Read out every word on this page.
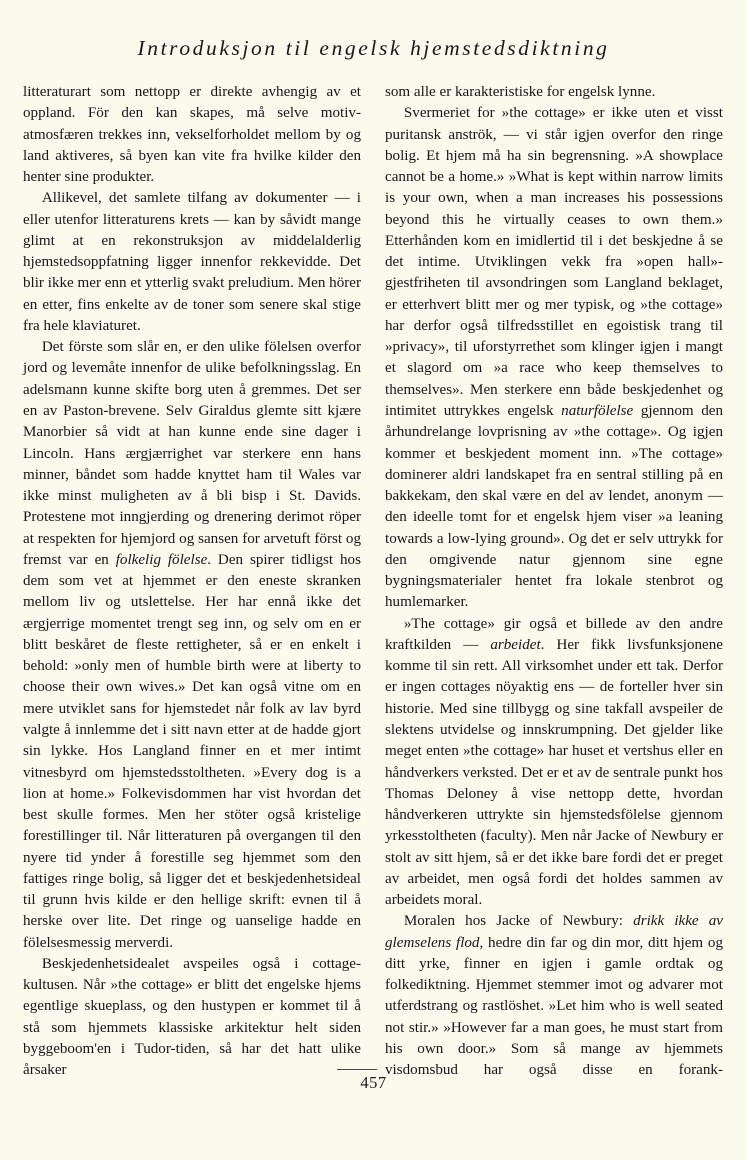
Introduksjon til engelsk hjemstedsdiktning

litteraturart som nettopp er direkte avhengig av et oppland. För den kan skapes, må selve motiv-atmosfæren trekkes inn, vekselforholdet mellom by og land aktiveres, så byen kan vite fra hvilke kilder den henter sine produkter.

Allikevel, det samlete tilfang av dokumenter — i eller utenfor litteraturens krets — kan by såvidt mange glimt at en rekonstruksjon av middelalderlig hjemstedsoppfatning ligger innenfor rekkevidde. Det blir ikke mer enn et ytterlig svakt preludium. Men hörer en etter, fins enkelte av de toner som senere skal stige fra hele klaviaturet.

Det förste som slår en, er den ulike fölelsen overfor jord og levemåte innenfor de ulike befolkningsslag. En adelsmann kunne skifte borg uten å gremmes. Det ser en av Paston-brevene. Selv Giraldus glemte sitt kjære Manorbier så vidt at han kunne ende sine dager i Lincoln. Hans ærgjærrighet var sterkere enn hans minner, båndet som hadde knyttet ham til Wales var ikke minst muligheten av å bli bisp i St. Davids. Protestene mot inngjerding og drenering derimot röper at respekten for hjemjord og sansen for arvetuft först og fremst var en folkelig fölelse. Den spirer tidligst hos dem som vet at hjemmet er den eneste skranken mellom liv og utslettelse. Her har ennå ikke det ærgjerrige momentet trengt seg inn, og selv om en er blitt beskåret de fleste rettigheter, så er en enkelt i behold: »only men of humble birth were at liberty to choose their own wives.» Det kan også vitne om en mere utviklet sans for hjemstedet når folk av lav byrd valgte å innlemme det i sitt navn etter at de hadde gjort sin lykke. Hos Langland finner en et mer intimt vitnesbyrd om hjemstedsstoltheten. »Every dog is a lion at home.» Folkevisdommen har vist hvordan det best skulle formes. Men her stöter også kristelige forestillinger til. Når litteraturen på overgangen til den nyere tid ynder å forestille seg hjemmet som den fattiges ringe bolig, så ligger det et beskjedenhetsideal til grunn hvis kilde er den hellige skrift: evnen til å herske over lite. Det ringe og uanselige hadde en fölelsesmessig merverdi.

Beskjedenhetsidealet avspeiles også i cottage-kultusen. Når »the cottage» er blitt det engelske hjems egentlige skueplass, og den hustypen er kommet til å stå som hjemmets klassiske arkitektur helt siden byggeboom'en i Tudor-tiden, så har det hatt ulike årsaker

som alle er karakteristiske for engelsk lynne.

Svermeriet for »the cottage» er ikke uten et visst puritansk anströk, — vi står igjen overfor den ringe bolig. Et hjem må ha sin begrensning. »A showplace cannot be a home.» »What is kept within narrow limits is your own, when a man increases his possessions beyond this he virtually ceases to own them.» Etterhånden kom en imidlertid til i det beskjedne å se det intime. Utviklingen vekk fra »open hall»-gjestfriheten til avsondringen som Langland beklaget, er etterhvert blitt mer og mer typisk, og »the cottage» har derfor også tilfredsstillet en egoistisk trang til »privacy», til uforstyrrethet som klinger igjen i mangt et slagord om »a race who keep themselves to themselves». Men sterkere enn både beskjedenhet og intimitet uttrykkes engelsk naturfölelse gjennom den århundrelange lovprisning av »the cottage». Og igjen kommer et beskjedent moment inn. »The cottage» dominerer aldri landskapet fra en sentral stilling på en bakkekam, den skal være en del av lendet, anonym — den ideelle tomt for et engelsk hjem viser »a leaning towards a low-lying ground». Og det er selv uttrykk for den omgivende natur gjennom sine egne bygningsmaterialer hentet fra lokale stenbrot og humlemarker.

»The cottage» gir også et billede av den andre kraftkilden — arbeidet. Her fikk livsfunksjonene komme til sin rett. All virksomhet under ett tak. Derfor er ingen cottages nöyaktig ens — de forteller hver sin historie. Med sine tillbygg og sine takfall avspeiler de slektens utvidelse og innskrumpning. Det gjelder like meget enten »the cottage» har huset et vertshus eller en håndverkers verksted. Det er et av de sentrale punkt hos Thomas Deloney å vise nettopp dette, hvordan håndverkeren uttrykte sin hjemstedsfölelse gjennom yrkesstoltheten (faculty). Men når Jacke of Newbury er stolt av sitt hjem, så er det ikke bare fordi det er preget av arbeidet, men også fordi det holdes sammen av arbeidets moral.

Moralen hos Jacke of Newbury: drikk ikke av glemselens flod, hedre din far og din mor, ditt hjem og ditt yrke, finner en igjen i gamle ordtak og folkediktning. Hjemmet stemmer imot og advarer mot utferdstrang og rastlöshet. »Let him who is well seated not stir.» »However far a man goes, he must start from his own door.» Som så mange av hjemmets visdomsbud har også disse en forank-

457
